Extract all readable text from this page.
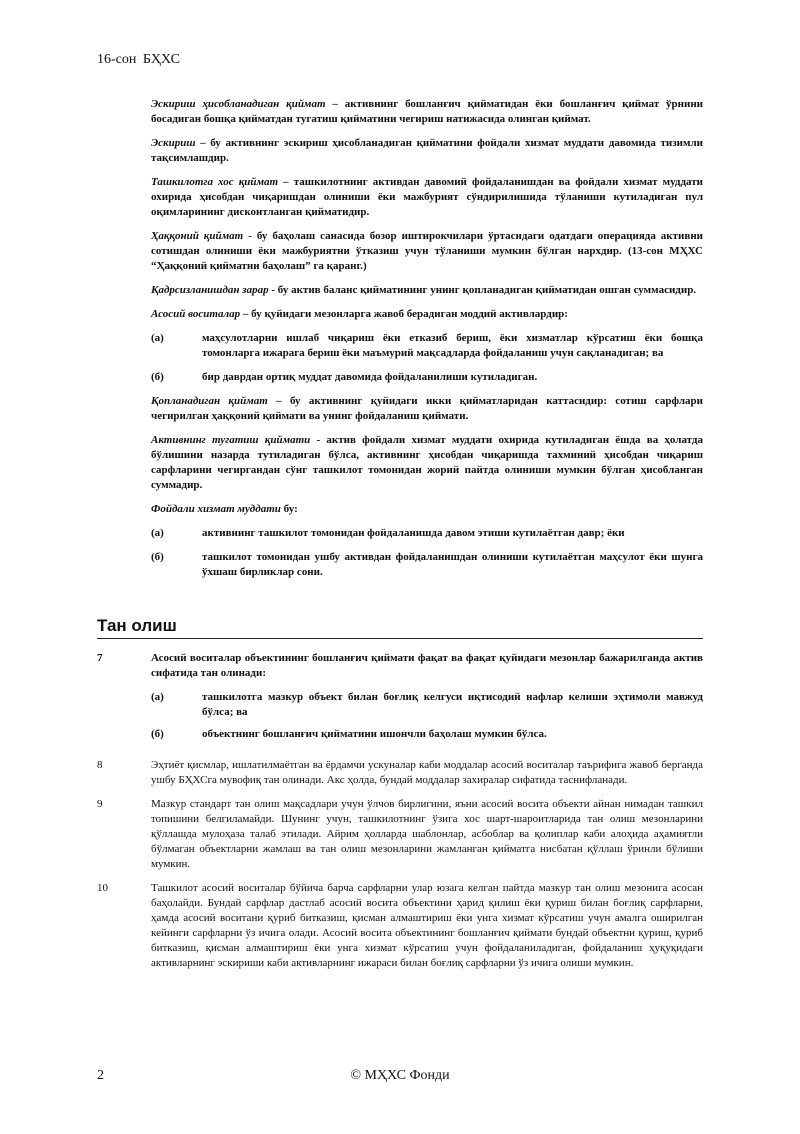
16-сон БҲХС

Эскириш ҳисобланадиган қиймат – активнинг бошланғич қийматидан ёки бошланғич қиймат ўрнини босадиган бошқа қийматдан тугатиш қийматини чегириш натижасида олинган қиймат.

Эскириш – бу активнинг эскириш ҳисобланадиган қийматини фойдали хизмат муддати давомида тизимли тақсимлашдир.

Ташкилотга хос қиймат – ташкилотнинг активдан давомий фойдаланишдан ва фойдали хизмат муддати охирида ҳисобдан чиқаришдан олиниши ёки мажбурият сўндирилишида тўланиши кутиладиган пул оқимларининг дисконтланган қийматидир.

Ҳаққоний қиймат - бу баҳолаш санасида бозор иштирокчилари ўртасидаги одатдаги операцияда активни сотишдан олиниши ёки мажбуриятни ўтказиш учун тўланиши мумкин бўлган нархдир. (13-сон МҲХС “Ҳаққоний қийматни баҳолаш” га қаранг.)

Қадрсизланишдан зарар - бу актив баланс қийматининг унинг қопланадиган қийматидан ошган суммасидир.

Асосий воситалар – бу қуйидаги мезонларга жавоб берадиган моддий активлардир:

(а)	маҳсулотларни ишлаб чиқариш ёки етказиб бериш, ёки хизматлар кўрсатиш ёки бошқа томонларга ижарага бериш ёки маъмурий мақсадларда фойдаланиш учун сақланадиган; ва
(б)	бир даврдан ортиқ муддат давомида фойдаланилиши кутиладиган.

Қопланадиган қиймат – бу активнинг қуйидаги икки қийматларидан каттасидир: сотиш сарфлари чегирилган ҳаққоний қиймати ва унинг фойдаланиш қиймати.

Активнинг тугатиш қиймати - актив фойдали хизмат муддати охирида кутиладиган ёшда ва ҳолатда бўлишини назарда тутиладиган бўлса, активнинг ҳисобдан чиқаришда тахминий ҳисобдан чиқариш сарфларини чегиргандан сўнг ташкилот томонидан жорий пайтда олиниши мумкин бўлган ҳисобланган суммадир.

Фойдали хизмат муддати бу:

(а)	активнинг ташкилот томонидан фойдаланишда давом этиши кутилаётган давр; ёки
(б)	ташкилот томонидан ушбу активдан фойдаланишдан олиниши кутилаётган маҳсулот ёки шунга ўхшаш бирликлар сони.
Тан олиш
7	Асосий воситалар объектининг бошланғич қиймати фақат ва фақат қуйидаги мезонлар бажарилганда актив сифатида тан олинади:

(а)	ташкилотга мазкур объект билан боғлиқ келгуси иқтисодий нафлар келиши эҳтимоли мавжуд бўлса; ва
(б)	объектнинг бошланғич қийматини ишончли баҳолаш мумкин бўлса.
8	Эҳтиёт қисмлар, ишлатилмаётган ва ёрдамчи ускуналар каби моддалар асосий воситалар таърифига жавоб берганда ушбу БҲХСга мувофиқ тан олинади. Акс ҳолда, бундай моддалар захиралар сифатида таснифланади.
9	Мазкур стандарт тан олиш мақсадлари учун ўлчов бирлигини, яъни асосий восита объекти айнан нимадан ташкил топишини белгиламайди. Шунинг учун, ташкилотнинг ўзига хос шарт-шароитларида тан олиш мезонларини қўллашда мулоҳаза талаб этилади. Айрим ҳолларда шаблонлар, асбоблар ва қолиплар каби алоҳида аҳамиятли бўлмаган объектларни жамлаш ва тан олиш мезонларини жамланган қийматга нисбатан қўллаш ўринли бўлиши мумкин.
10	Ташкилот асосий воситалар бўйича барча сарфларни улар юзага келган пайтда мазкур тан олиш мезонига асосан баҳолайди. Бундай сарфлар дастлаб асосий восита объектини ҳарид қилиш ёки қуриш билан боғлиқ сарфларни, ҳамда асосий воситани қуриб битказиш, қисман алмаштириш ёки унга хизмат кўрсатиш учун амалга оширилган кейинги сарфларни ўз ичига олади. Асосий восита объектининг бошланғич қиймати бундай объектни қуриш, қуриб битказиш, қисман алмаштириш ёки унга хизмат кўрсатиш учун фойдаланиладиган, фойдаланиш ҳуқуқидаги активларнинг эскириши каби активларнинг ижараси билан боғлиқ сарфларни ўз ичига олиши мумкин.
2	© МҲХС Фонди
